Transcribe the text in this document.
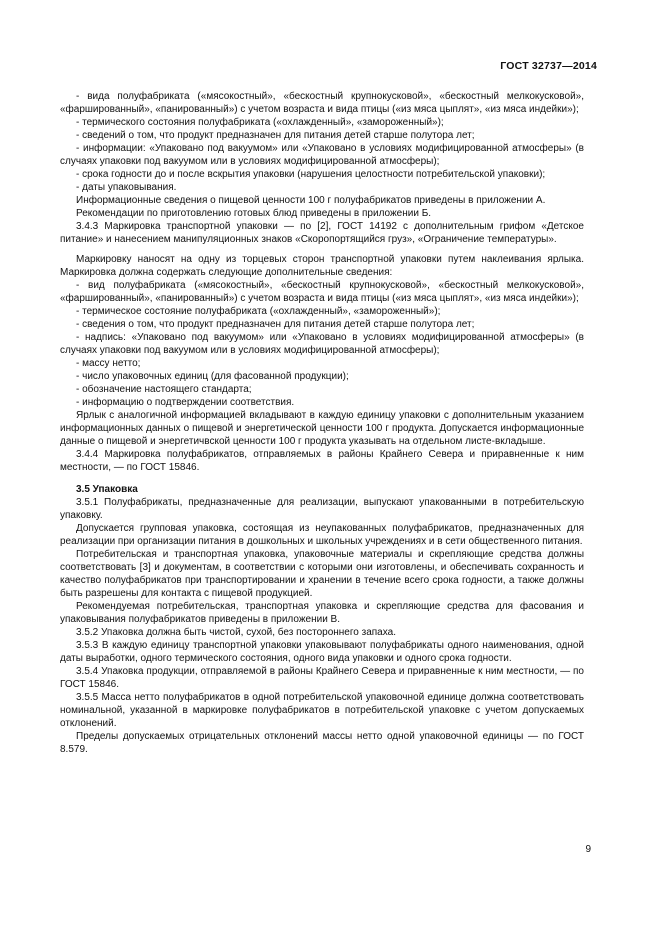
ГОСТ 32737—2014

- вида полуфабриката («мясокостный», «бескостный крупнокусковой», «бескостный мелкокусковой», «фаршированный», «панированный») с учетом возраста и вида птицы («из мяса цыплят», «из мяса индейки»);

- термического состояния полуфабриката («охлажденный», «замороженный»);

- сведений о том, что продукт предназначен для питания детей старше полутора лет;

- информации: «Упаковано под вакуумом» или «Упаковано в условиях модифицированной атмосферы» (в случаях упаковки под вакуумом или в условиях модифицированной атмосферы);

- срока годности до и после вскрытия упаковки (нарушения целостности потребительской упаковки);

- даты упаковывания.

Информационные сведения о пищевой ценности 100 г полуфабрикатов приведены в приложении А.

Рекомендации по приготовлению готовых блюд приведены в приложении Б.

3.4.3 Маркировка транспортной упаковки — по [2], ГОСТ 14192 с дополнительным грифом «Детское питание» и нанесением манипуляционных знаков «Скоропортящийся груз», «Ограничение температуры».

Маркировку наносят на одну из торцевых сторон транспортной упаковки путем наклеивания ярлыка. Маркировка должна содержать следующие дополнительные сведения:

- вид полуфабриката («мясокостный», «бескостный крупнокусковой», «бескостный мелкокусковой», «фаршированный», «панированный») с учетом возраста и вида птицы («из мяса цыплят», «из мяса индейки»);

- термическое состояние полуфабриката («охлажденный», «замороженный»);

- сведения о том, что продукт предназначен для питания детей старше полутора лет;

- надпись: «Упаковано под вакуумом» или «Упаковано в условиях модифицированной атмосферы» (в случаях упаковки под вакуумом или в условиях модифицированной атмосферы);

- массу нетто;

- число упаковочных единиц (для фасованной продукции);

- обозначение настоящего стандарта;

- информацию о подтверждении соответствия.

Ярлык с аналогичной информацией вкладывают в каждую единицу упаковки с дополнительным указанием информационных данных о пищевой и энергетической ценности 100 г продукта. Допускается информационные данные о пищевой и энергетичвской ценности 100 г продукта указывать на отдельном листе-вкладыше.

3.4.4 Маркировка полуфабрикатов, отправляемых в районы Крайнего Севера и приравненные к ним местности, — по ГОСТ 15846.

3.5 Упаковка

3.5.1 Полуфабрикаты, предназначенные для реализации, выпускают упакованными в потребительскую упаковку.

Допускается групповая упаковка, состоящая из неупакованных полуфабрикатов, предназначенных для реализации при организации питания в дошкольных и школьных учреждениях и в сети общественного питания.

Потребительская и транспортная упаковка, упаковочные материалы и скрепляющие средства должны соответствовать [3] и документам, в соответствии с которыми они изготовлены, и обеспечивать сохранность и качество полуфабрикатов при транспортировании и хранении в течение всего срока годности, а также должны быть разрешены для контакта с пищевой продукцией.

Рекомендуемая потребительская, транспортная упаковка и скрепляющие средства для фасования и упаковывания полуфабрикатов приведены в приложении В.

3.5.2 Упаковка должна быть чистой, сухой, без постороннего запаха.

3.5.3 В каждую единицу транспортной упаковки упаковывают полуфабрикаты одного наименования, одной даты выработки, одного термического состояния, одного вида упаковки и одного срока годности.

3.5.4 Упаковка продукции, отправляемой в районы Крайнего Севера и приравненные к ним местности, — по ГОСТ 15846.

3.5.5 Масса нетто полуфабрикатов в одной потребительской упаковочной единице должна соответствовать номинальной, указанной в маркировке полуфабрикатов в потребительской упаковке с учетом допускаемых отклонений.

Пределы допускаемых отрицательных отклонений массы нетто одной упаковочной единицы — по ГОСТ 8.579.

9
